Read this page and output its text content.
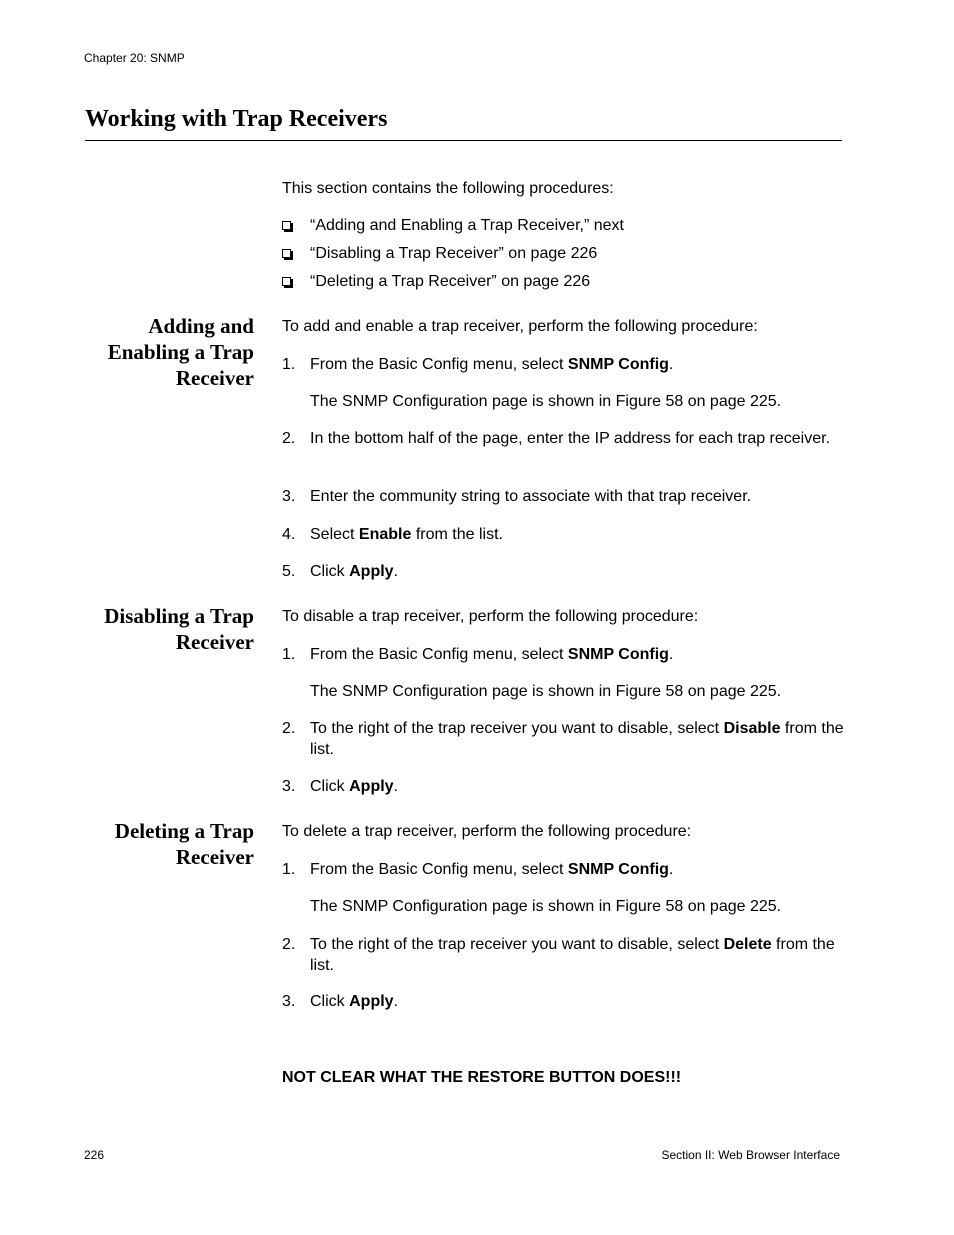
Chapter 20: SNMP
Working with Trap Receivers
This section contains the following procedures:
“Adding and Enabling a Trap Receiver,” next
“Disabling a Trap Receiver” on page 226
“Deleting a Trap Receiver” on page 226
Adding and
Enabling a Trap
Receiver
To add and enable a trap receiver, perform the following procedure:
1. From the Basic Config menu, select SNMP Config.
The SNMP Configuration page is shown in Figure 58 on page 225.
2. In the bottom half of the page, enter the IP address for each trap receiver.
3. Enter the community string to associate with that trap receiver.
4. Select Enable from the list.
5. Click Apply.
Disabling a Trap
Receiver
To disable a trap receiver, perform the following procedure:
1. From the Basic Config menu, select SNMP Config.
The SNMP Configuration page is shown in Figure 58 on page 225.
2. To the right of the trap receiver you want to disable, select Disable from the list.
3. Click Apply.
Deleting a Trap
Receiver
To delete a trap receiver, perform the following procedure:
1. From the Basic Config menu, select SNMP Config.
The SNMP Configuration page is shown in Figure 58 on page 225.
2. To the right of the trap receiver you want to disable, select Delete from the list.
3. Click Apply.
NOT CLEAR WHAT THE RESTORE BUTTON DOES!!!
226	Section II: Web Browser Interface
